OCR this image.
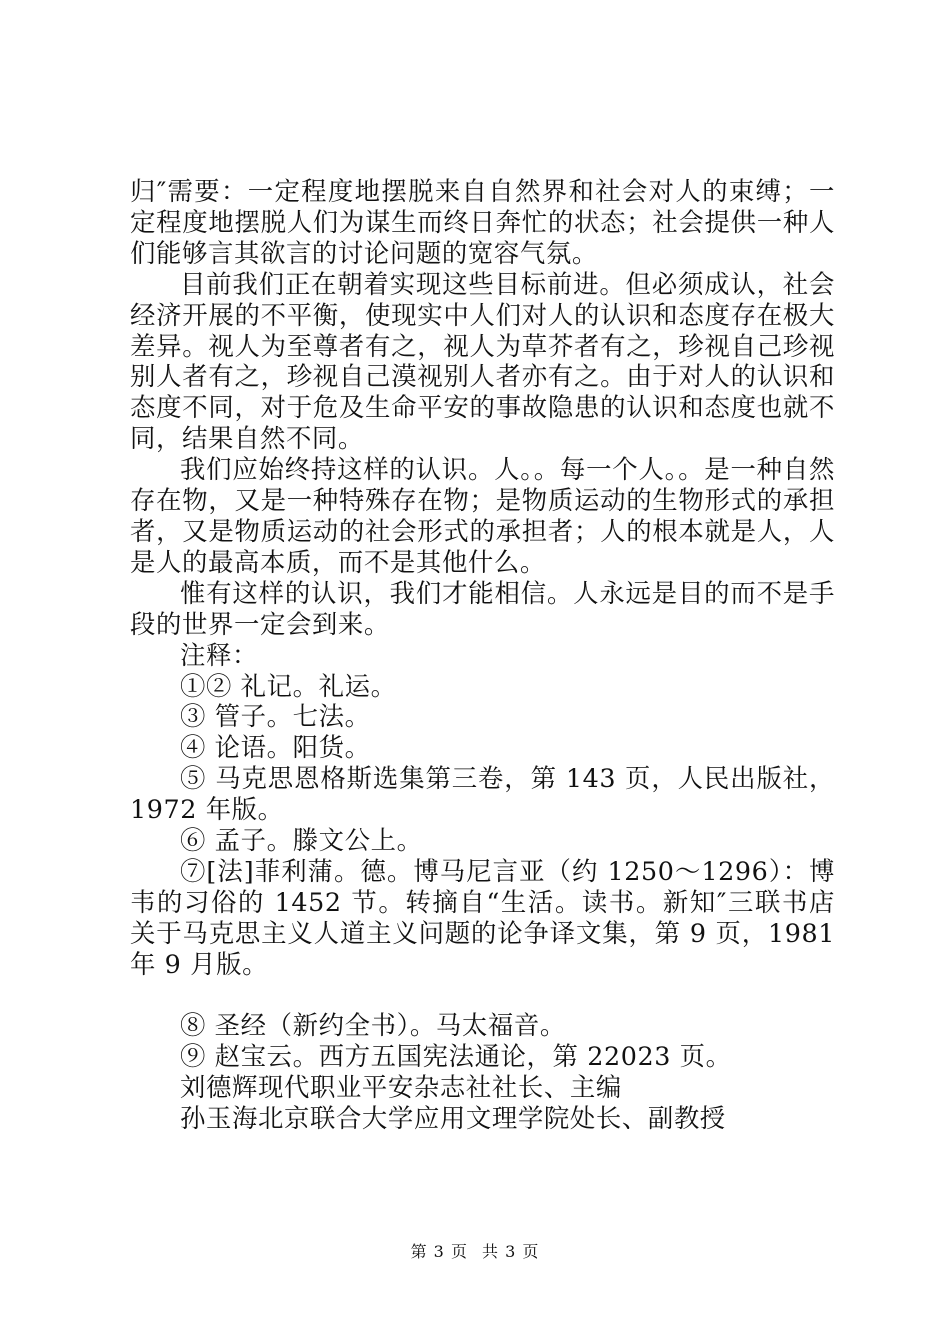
归″需要：一定程度地摆脱来自自然界和社会对人的束缚；一定程度地摆脱人们为谋生而终日奔忙的状态；社会提供一种人们能够言其欲言的讨论问题的宽容气氛。

目前我们正在朝着实现这些目标前进。但必须成认，社会经济开展的不平衡，使现实中人们对人的认识和态度存在极大差异。视人为至尊者有之，视人为草芥者有之，珍视自己珍视别人者有之，珍视自己漠视别人者亦有之。由于对人的认识和态度不同，对于危及生命平安的事故隐患的认识和态度也就不同，结果自然不同。

我们应始终持这样的认识。人。。每一个人。。是一种自然存在物，又是一种特殊存在物；是物质运动的生物形式的承担者，又是物质运动的社会形式的承担者；人的根本就是人，人是人的最高本质，而不是其他什么。

惟有这样的认识，我们才能相信。人永远是目的而不是手段的世界一定会到来。

注释：

①② 礼记。礼运。

③ 管子。七法。

④ 论语。阳货。

⑤ 马克思恩格斯选集第三卷，第 143 页，人民出版社，1972 年版。

⑥ 孟子。滕文公上。

⑦[法]菲利蒲。德。博马尼言亚（约 1250～1296）：博韦的习俗的 1452 节。转摘自“生活。读书。新知″三联书店关于马克思主义人道主义问题的论争译文集，第 9 页，1981 年 9 月版。

⑧ 圣经（新约全书）。马太福音。

⑨ 赵宝云。西方五国宪法通论，第 22023 页。

刘德辉现代职业平安杂志社社长、主编

孙玉海北京联合大学应用文理学院处长、副教授

第 3 页 共 3 页
